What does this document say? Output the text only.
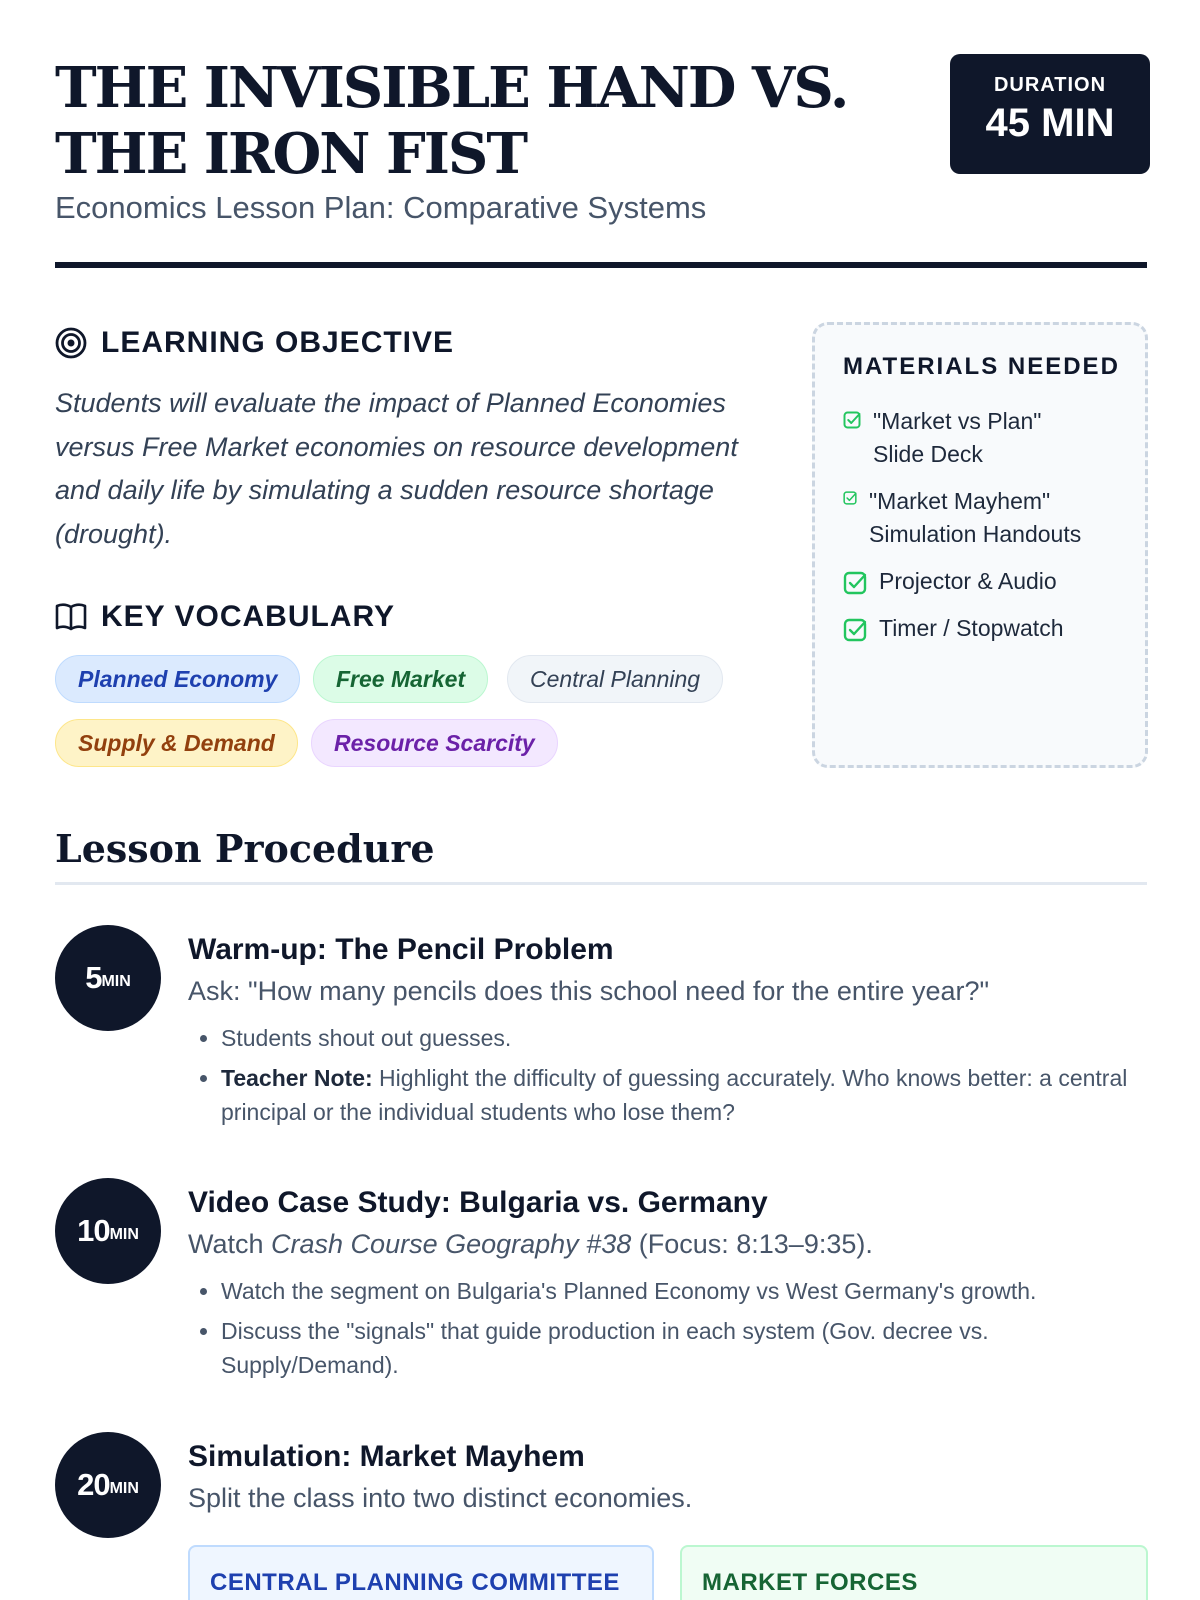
THE INVISIBLE HAND VS. THE IRON FIST
Economics Lesson Plan: Comparative Systems
DURATION
45 MIN
LEARNING OBJECTIVE

Students will evaluate the impact of Planned Economies versus Free Market economies on resource development and daily life by simulating a sudden resource shortage (drought).

KEY VOCABULARY
Planned Economy	Free Market	Central Planning
Supply & Demand	Resource Scarcity
MATERIALS NEEDED
"Market vs Plan" Slide Deck
"Market Mayhem" Simulation Handouts
Projector & Audio
Timer / Stopwatch
Lesson Procedure
5 MIN
Warm-up: The Pencil Problem
Ask: "How many pencils does this school need for the entire year?"
• Students shout out guesses.
• Teacher Note: Highlight the difficulty of guessing accurately. Who knows better: a central principal or the individual students who lose them?
10 MIN
Video Case Study: Bulgaria vs. Germany
Watch Crash Course Geography #38 (Focus: 8:13–9:35).
• Watch the segment on Bulgaria's Planned Economy vs West Germany's growth.
• Discuss the "signals" that guide production in each system (Gov. decree vs. Supply/Demand).
20 MIN
Simulation: Market Mayhem
Split the class into two distinct economies.
CENTRAL PLANNING COMMITTEE	MARKET FORCES
